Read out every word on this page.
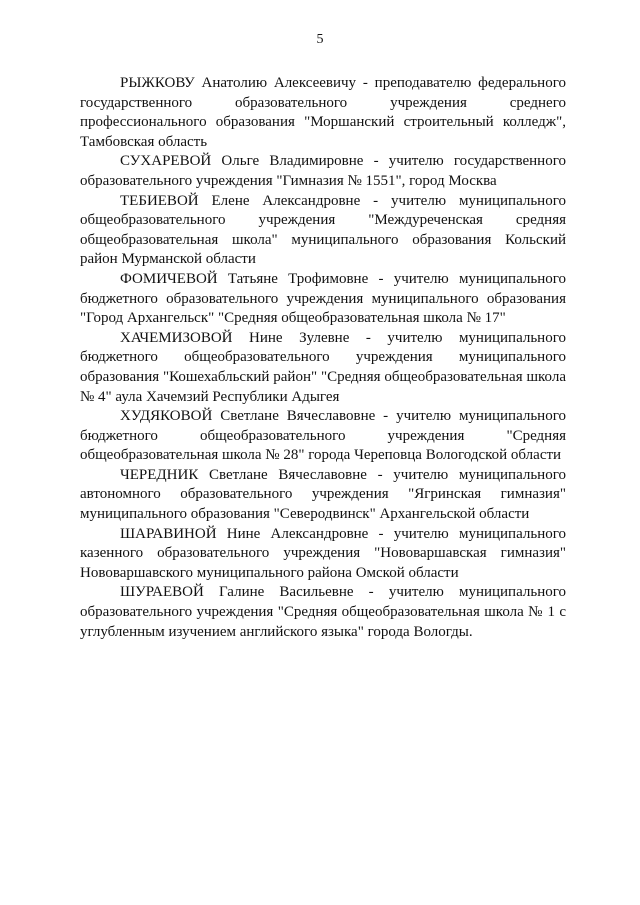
5

РЫЖКОВУ Анатолию Алексеевичу - преподавателю федерального государственного образовательного учреждения среднего профессионального образования "Моршанский строительный колледж", Тамбовская область

СУХАРЕВОЙ Ольге Владимировне - учителю государственного образовательного учреждения "Гимназия № 1551", город Москва

ТЕБИЕВОЙ Елене Александровне - учителю муниципального общеобразовательного учреждения "Междуреченская средняя общеобразовательная школа" муниципального образования Кольский район Мурманской области

ФОМИЧЕВОЙ Татьяне Трофимовне - учителю муниципального бюджетного образовательного учреждения муниципального образования "Город Архангельск" "Средняя общеобразовательная школа № 17"

ХАЧЕМИЗОВОЙ Нине Зулевне - учителю муниципального бюджетного общеобразовательного учреждения муниципального образования "Кошехабльский район" "Средняя общеобразовательная школа № 4" аула Хачемзий Республики Адыгея

ХУДЯКОВОЙ Светлане Вячеславовне - учителю муниципального бюджетного общеобразовательного учреждения "Средняя общеобразовательная школа № 28" города Череповца Вологодской области

ЧЕРЕДНИК Светлане Вячеславовне - учителю муниципального автономного образовательного учреждения "Ягринская гимназия" муниципального образования "Северодвинск" Архангельской области

ШАРАВИНОЙ Нине Александровне - учителю муниципального казенного образовательного учреждения "Нововаршавская гимназия" Нововаршавского муниципального района Омской области

ШУРАЕВОЙ Галине Васильевне - учителю муниципального образовательного учреждения "Средняя общеобразовательная школа № 1 с углубленным изучением английского языка" города Вологды.
